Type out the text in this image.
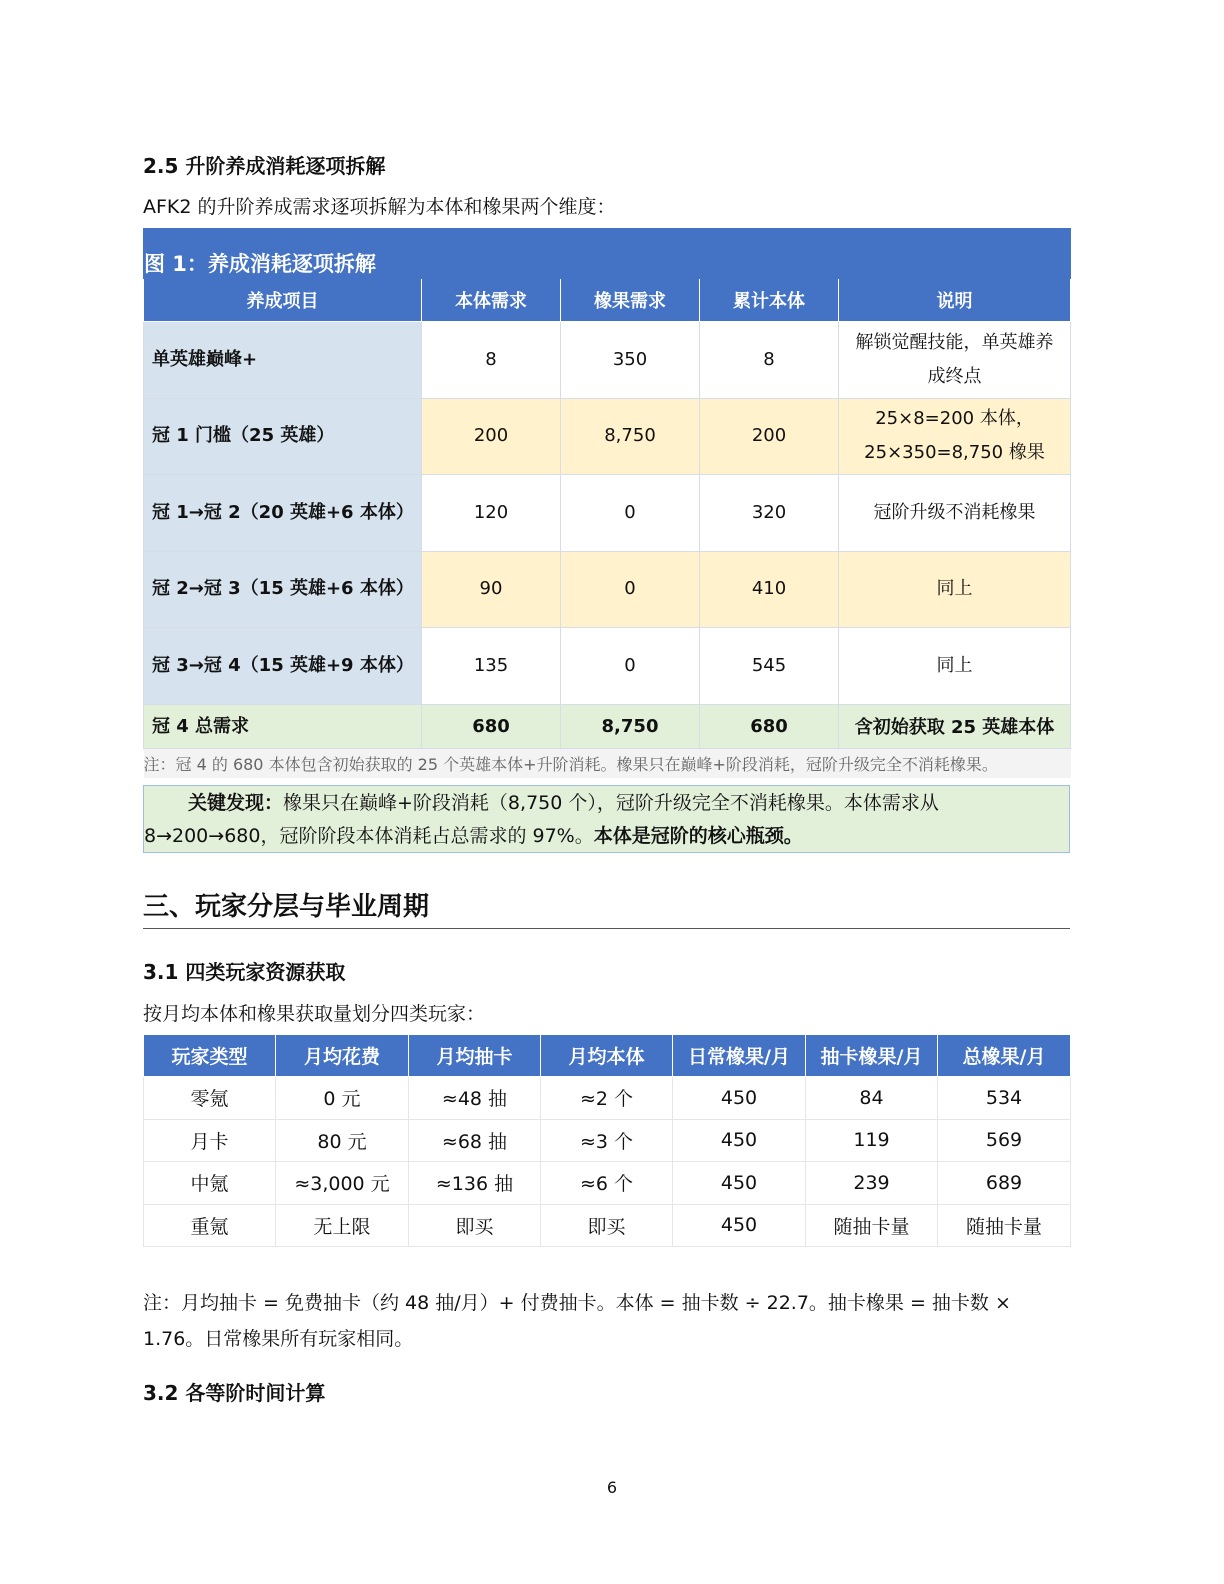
2.5 升阶养成消耗逐项拆解
AFK2 的升阶养成需求逐项拆解为本体和橡果两个维度：
图 1：养成消耗逐项拆解				
养成项目	本体需求	橡果需求	累计本体	说明
单英雄巅峰+	8	350	8	解锁觉醒技能，单英雄养成终点
冠 1 门槛（25 英雄）	200	8,750	200	25×8=200 本体，25×350=8,750 橡果
冠 1→冠 2（20 英雄+6 本体）	120	0	320	冠阶升级不消耗橡果
冠 2→冠 3（15 英雄+6 本体）	90	0	410	同上
冠 3→冠 4（15 英雄+9 本体）	135	0	545	同上
冠 4 总需求	680	8,750	680	含初始获取 25 英雄本体
注：冠 4 的 680 本体包含初始获取的 25 个英雄本体+升阶消耗。橡果只在巅峰+阶段消耗，冠阶升级完全不消耗橡果。				
关键发现：橡果只在巅峰+阶段消耗（8,750 个），冠阶升级完全不消耗橡果。本体需求从 8→200→680，冠阶阶段本体消耗占总需求的 97%。本体是冠阶的核心瓶颈。
三、玩家分层与毕业周期
3.1 四类玩家资源获取
按月均本体和橡果获取量划分四类玩家：
玩家类型	月均花费	月均抽卡	月均本体	日常橡果/月	抽卡橡果/月	总橡果/月
零氪	0 元	≈48 抽	≈2 个	450	84	534
月卡	80 元	≈68 抽	≈3 个	450	119	569
中氪	≈3,000 元	≈136 抽	≈6 个	450	239	689
重氪	无上限	即买	即买	450	随抽卡量	随抽卡量
注：月均抽卡 = 免费抽卡（约 48 抽/月）+ 付费抽卡。本体 = 抽卡数 ÷ 22.7。抽卡橡果 = 抽卡数 × 1.76。日常橡果所有玩家相同。
3.2 各等阶时间计算
6
